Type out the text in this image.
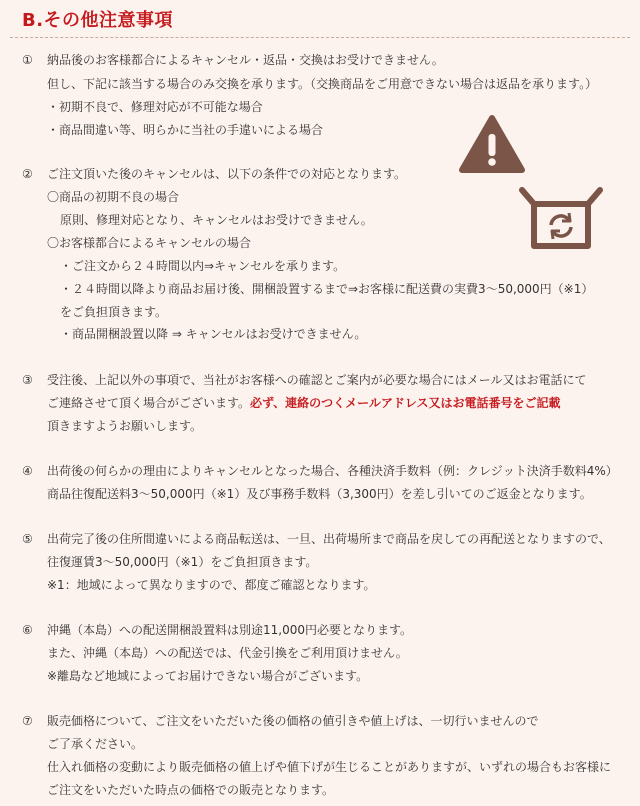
B.その他注意事項
① 納品後のお客様都合によるキャンセル・返品・交換はお受けできません。
但し、下記に該当する場合のみ交換を承ります。（交換商品をご用意できない場合は返品を承ります。）
・初期不良で、修理対応が不可能な場合
・商品間違い等、明らかに当社の手違いによる場合
② ご注文頂いた後のキャンセルは、以下の条件での対応となります。
〇商品の初期不良の場合
原則、修理対応となり、キャンセルはお受けできません。
〇お客様都合によるキャンセルの場合
・ご注文から２４時間以内⇒キャンセルを承ります。
・２４時間以降より商品お届け後、開梱設置するまで⇒お客様に配送費の実費3～50,000円（※1）
をご負担頂きます。
・商品開梱設置以降 ⇒ キャンセルはお受けできません。
③ 受注後、上記以外の事項で、当社がお客様への確認とご案内が必要な場合にはメール又はお電話にて
ご連絡させて頂く場合がございます。必ず、連絡のつくメールアドレス又はお電話番号をご記載
頂きますようお願いします。
④ 出荷後の何らかの理由によりキャンセルとなった場合、各種決済手数料（例：クレジット決済手数料4%）
商品往復配送料3～50,000円（※1）及び事務手数料（3,300円）を差し引いてのご返金となります。
⑤ 出荷完了後の住所間違いによる商品転送は、一旦、出荷場所まで商品を戻しての再配送となりますので、
往復運賃3～50,000円（※1）をご負担頂きます。
※1：地域によって異なりますので、都度ご確認となります。
⑥ 沖縄（本島）への配送開梱設置料は別途11,000円必要となります。
また、沖縄（本島）への配送では、代金引換をご利用頂けません。
※離島など地域によってお届けできない場合がございます。
⑦ 販売価格について、ご注文をいただいた後の価格の値引きや値上げは、一切行いませんので
ご了承ください。
仕入れ価格の変動により販売価格の値上げや値下げが生じることがありますが、いずれの場合もお客様に
ご注文をいただいた時点の価格での販売となります。
